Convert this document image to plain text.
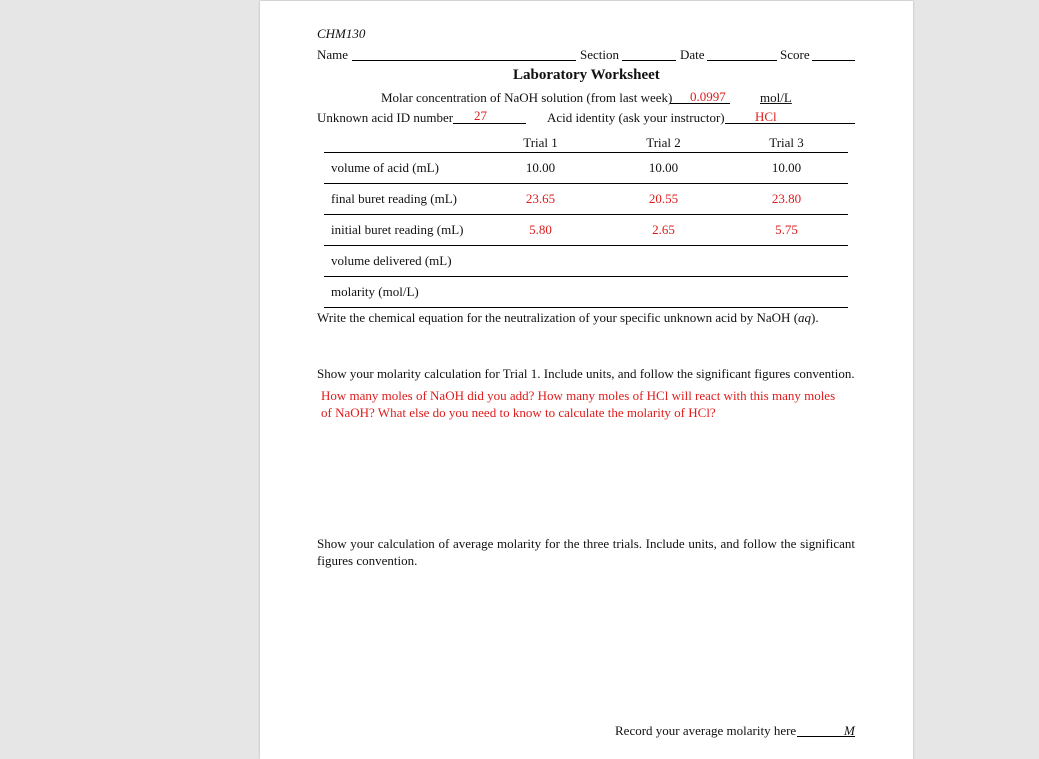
CHM130
Name	Section	Date	Score
Laboratory Worksheet
Molar concentration of NaOH solution (from last week) 0.0997	mol/L
Unknown acid ID number 27	Acid identity (ask your instructor) HCl
	Trial 1	Trial 2	Trial 3
volume of acid (mL)	10.00	10.00	10.00
final buret reading (mL)	23.65	20.55	23.80
initial buret reading (mL)	5.80	2.65	5.75
volume delivered (mL)			
molarity (mol/L)			
Write the chemical equation for the neutralization of your specific unknown acid by NaOH (aq).
Show your molarity calculation for Trial 1. Include units, and follow the significant figures convention.
How many moles of NaOH did you add? How many moles of HCl will react with this many moles
of NaOH? What else do you need to know to calculate the molarity of HCl?
Show your calculation of average molarity for the three trials. Include units, and follow the significant
figures convention.
Record your average molarity here	M
